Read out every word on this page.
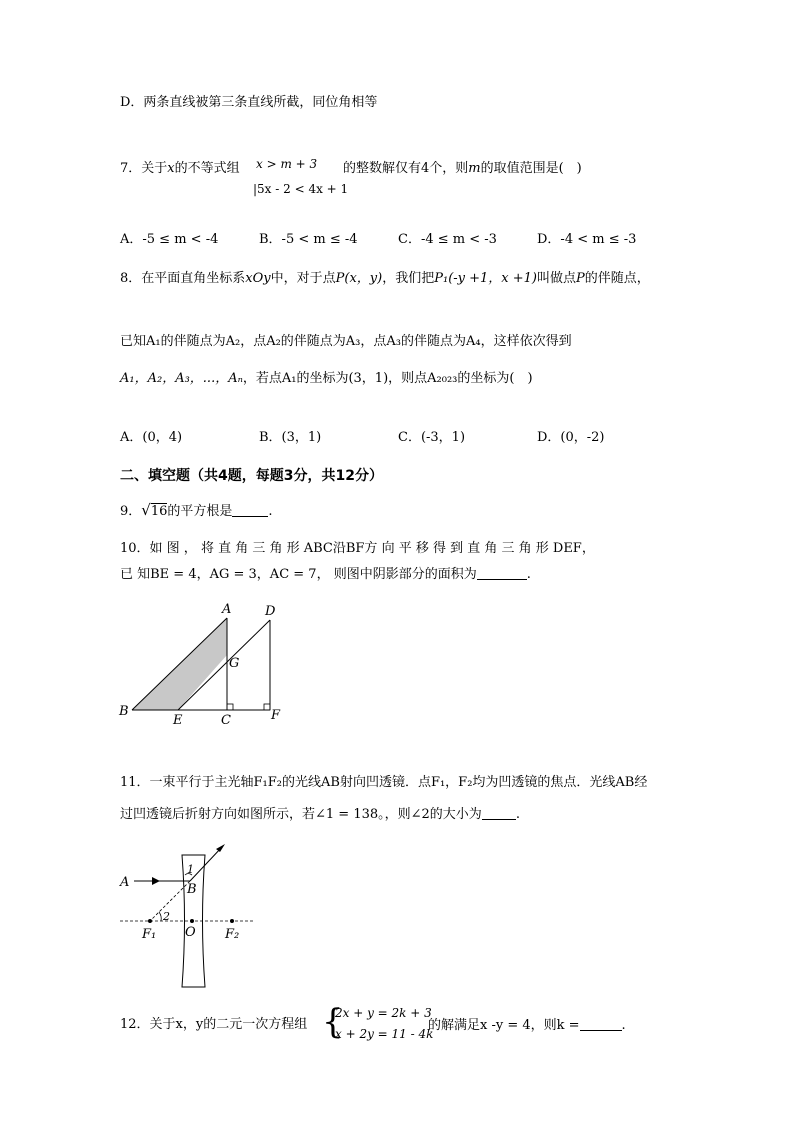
D．两条直线被第三条直线所截，同位角相等
7．关于x的不等式组 x > m + 3
|5x - 2 < 4x + 1
的整数解仅有4个，则m的取值范围是(　)
A．-5 ≤ m < -4	B．-5 < m ≤ -4	C．-4 ≤ m < -3	D．-4 < m ≤ -3
8．在平面直角坐标系xOy中，对于点P(x，y)，我们把P₁(-y +1，x +1)叫做点P的伴随点，
已知A₁的伴随点为A₂，点A₂的伴随点为A₃，点A₃的伴随点为A₄，这样依次得到
A₁，A₂，A₃，...，Aₙ，若点A₁的坐标为(3，1)，则点A₂₀₂₃的坐标为(　)
A．(0，4)	B．(3，1)	C．(-3，1)	D．(0，-2)
二、填空题（共4题，每题3分，共12分）
9．√16的平方根是	.
10．如 图 ， 将 直 角 三 角 形 ABC沿BF方 向 平 移 得 到 直 角 三 角 形 DEF，
已 知BE = 4，AG = 3，AC = 7， 则图中阴影部分的面积为	.
A	D
G
B
E	C	F
11．一束平行于主光轴F₁F₂的光线AB射向凹透镜．点F₁，F₂均为凹透镜的焦点．光线AB经
过凹透镜后折射方向如图所示，若∠1 = 138。，则∠2的大小为	.
A
1
B
2
F₁ O F₂
12．关于x，y的二元一次方程组 {
2x + y = 2k + 3
x + 2y = 11 - 4k
的解满足x -y = 4，则k =	.
